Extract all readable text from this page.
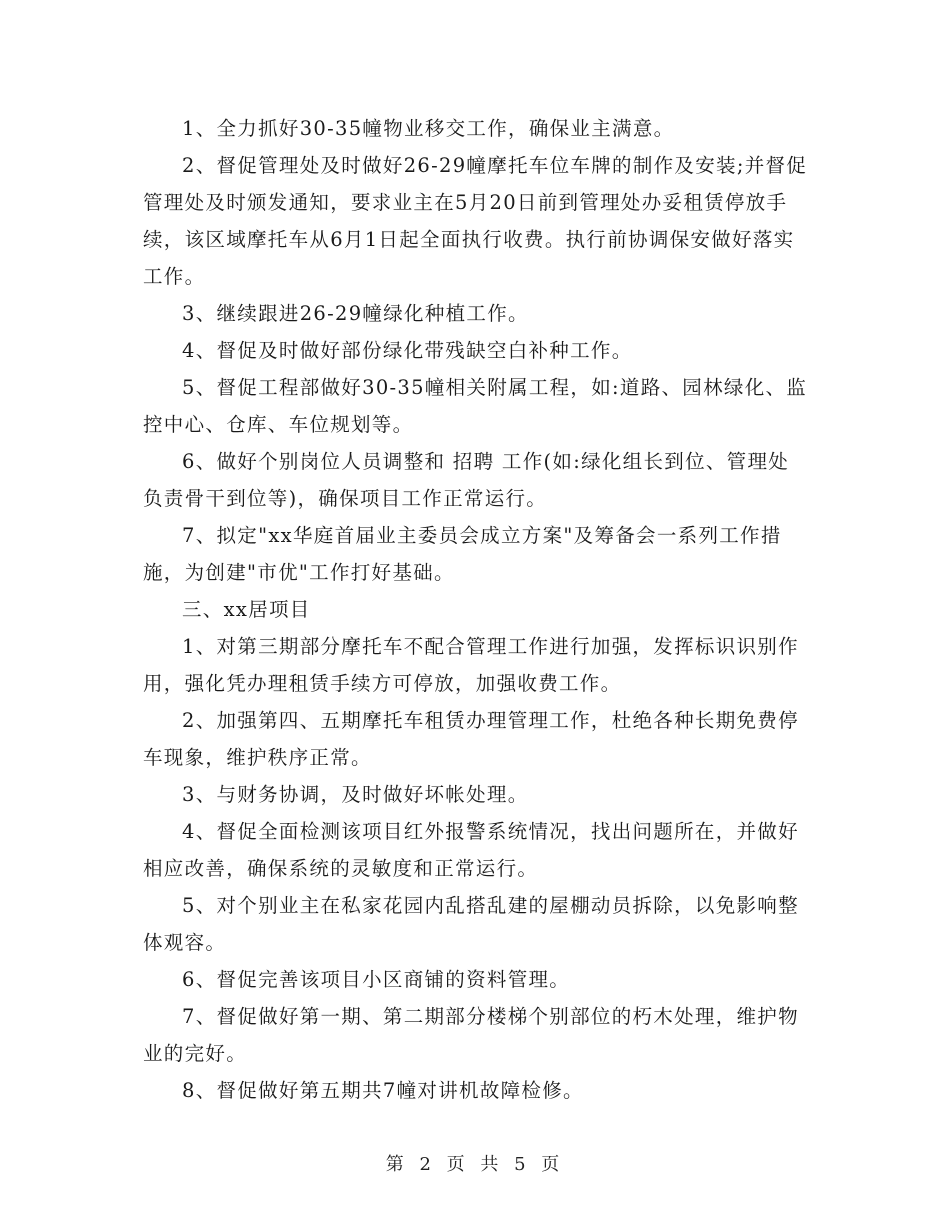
1、全力抓好30-35幢物业移交工作，确保业主满意。

2、督促管理处及时做好26-29幢摩托车位车牌的制作及安装;并督促管理处及时颁发通知，要求业主在5月20日前到管理处办妥租赁停放手续，该区域摩托车从6月1日起全面执行收费。执行前协调保安做好落实工作。

3、继续跟进26-29幢绿化种植工作。

4、督促及时做好部份绿化带残缺空白补种工作。

5、督促工程部做好30-35幢相关附属工程，如:道路、园林绿化、监控中心、仓库、车位规划等。

6、做好个别岗位人员调整和 招聘 工作(如:绿化组长到位、管理处负责骨干到位等)，确保项目工作正常运行。

7、拟定"xx华庭首届业主委员会成立方案"及筹备会一系列工作措施，为创建"市优"工作打好基础。

三、xx居项目

1、对第三期部分摩托车不配合管理工作进行加强，发挥标识识别作用，强化凭办理租赁手续方可停放，加强收费工作。

2、加强第四、五期摩托车租赁办理管理工作，杜绝各种长期免费停车现象，维护秩序正常。

3、与财务协调，及时做好坏帐处理。

4、督促全面检测该项目红外报警系统情况，找出问题所在，并做好相应改善，确保系统的灵敏度和正常运行。

5、对个别业主在私家花园内乱搭乱建的屋棚动员拆除，以免影响整体观容。

6、督促完善该项目小区商铺的资料管理。

7、督促做好第一期、第二期部分楼梯个别部位的朽木处理，维护物业的完好。

8、督促做好第五期共7幢对讲机故障检修。

第 2 页 共 5 页
